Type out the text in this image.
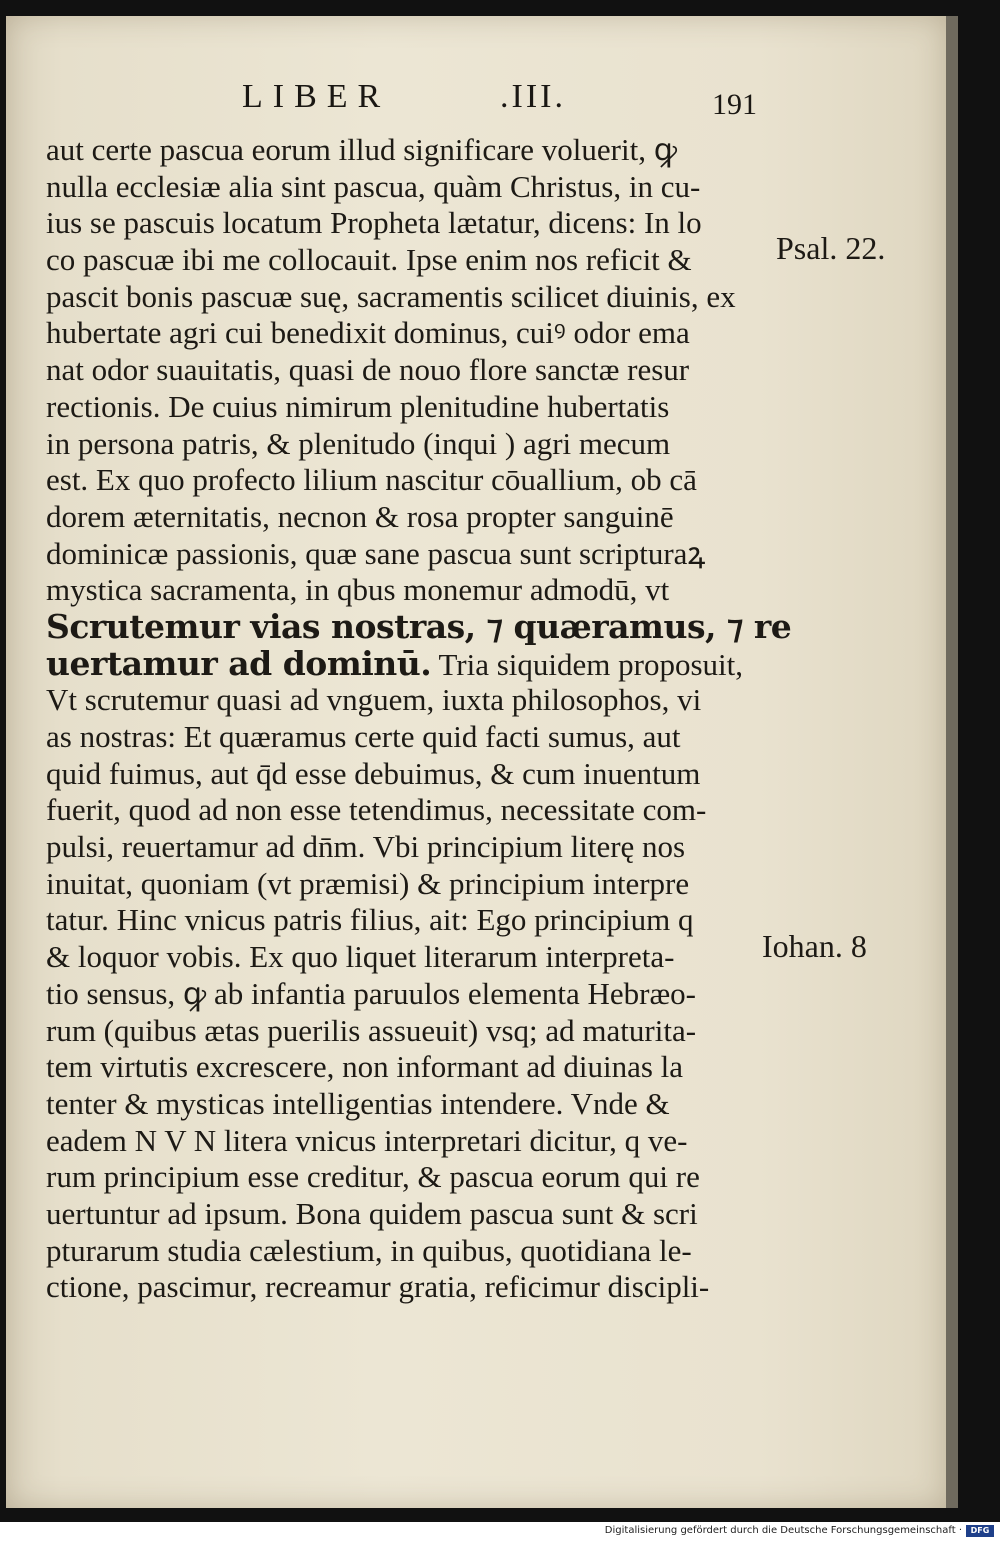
LIBER	.III.	191
aut certe pascua eorum illud significare voluerit, ꝙ
nulla ecclesiæ alia sint pascua, quàm Christus, in cu-
ius se pascuis locatum Propheta lætatur, dicens: In lo
co pascuæ ibi me collocauit. Ipse enim nos reficit &
pascit bonis pascuæ suę, sacramentis scilicet diuinis, ex
hubertate agri cui benedixit dominus, cuiꝰ odor ema
nat odor suauitatis, quasi de nouo flore sanctæ resur
rectionis. De cuius nimirum plenitudine hubertatis
in persona patris, & plenitudo (inqui ) agri mecum
est. Ex quo profecto lilium nascitur cōuallium, ob cā
dorem æternitatis, necnon & rosa propter sanguinē
dominicæ passionis, quæ sane pascua sunt scripturaꝝ
mystica sacramenta, in qbus monemur admodū, vt
Scrutemur vias nostras, ⁊ quæramus, ⁊ re
uertamur ad dominū. Tria siquidem proposuit,
Vt scrutemur quasi ad vnguem, iuxta philosophos, vi
as nostras: Et quæramus certe quid facti sumus, aut
quid fuimus, aut q̄d esse debuimus, & cum inuentum
fuerit, quod ad non esse tetendimus, necessitate com-
pulsi, reuertamur ad dn̄m. Vbi principium literę nos
inuitat, quoniam (vt præmisi) & principium interpre
tatur. Hinc vnicus patris filius, ait: Ego principium q
& loquor vobis. Ex quo liquet literarum interpreta-
tio sensus, ꝙ ab infantia paruulos elementa Hebræo-
rum (quibus ætas puerilis assueuit) vsq; ad maturita-
tem virtutis excrescere, non informant ad diuinas la
tenter & mysticas intelligentias intendere. Vnde &
eadem N V N litera vnicus interpretari dicitur, q ve-
rum principium esse creditur, & pascua eorum qui re
uertuntur ad ipsum. Bona quidem pascua sunt & scri
pturarum studia cælestium, in quibus, quotidiana le-
ctione, pascimur, recreamur gratia, reficimur discipli-
Psal. 22.
Iohan. 8
Digitalisierung gefördert durch die Deutsche Forschungsgemeinschaft ·	DFG
